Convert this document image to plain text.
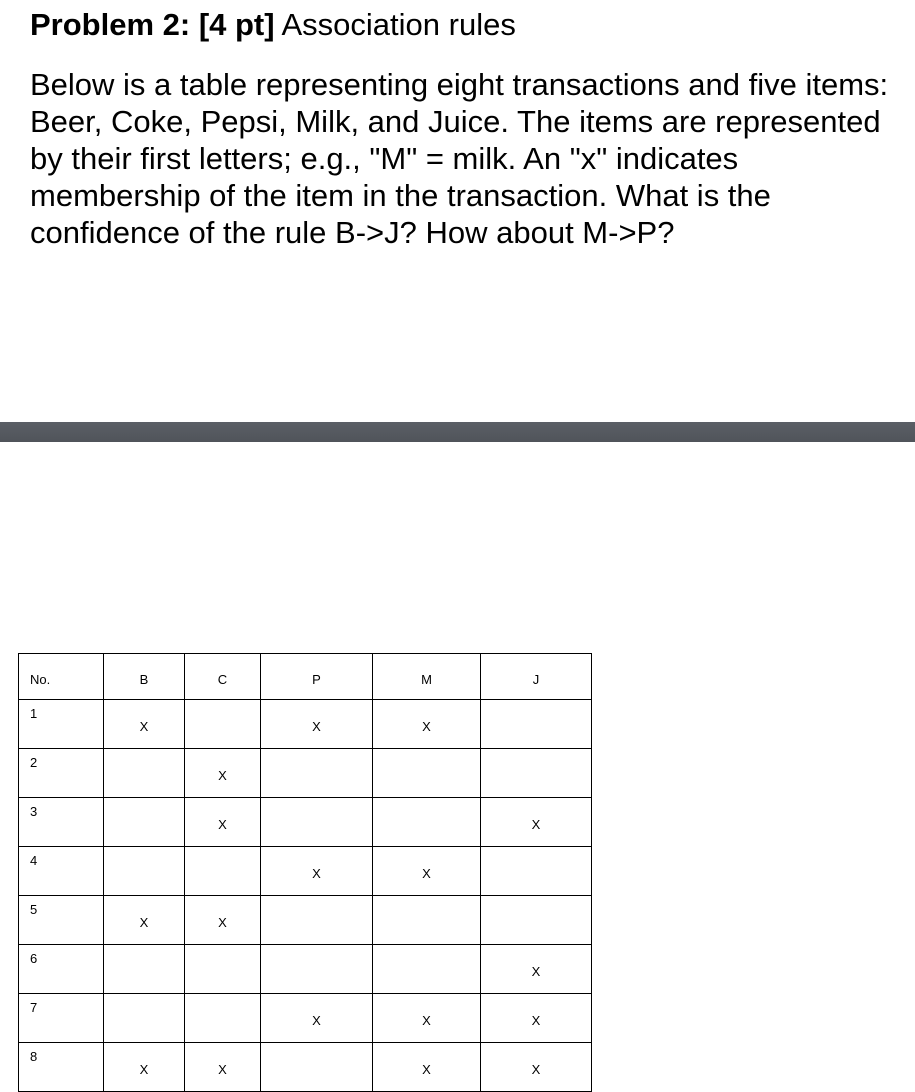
Problem 2: [4 pt] Association rules

Below is a table representing eight transactions and five items: Beer, Coke, Pepsi, Milk, and Juice. The items are represented by their first letters; e.g., "M" = milk. An "x" indicates membership of the item in the transaction. What is the confidence of the rule B->J? How about M->P?

No.	B	C	P	M	J
1	X		X	X	
2		X			
3		X			X
4			X	X	
5	X	X			
6					X
7			X	X	X
8	X	X		X	X
